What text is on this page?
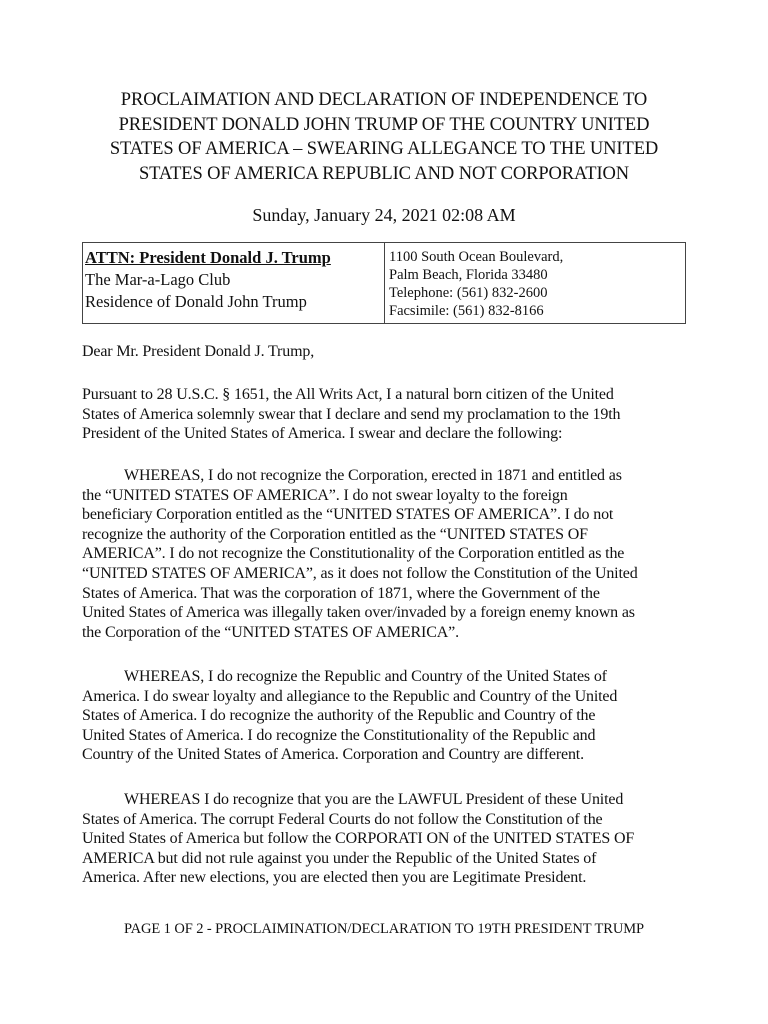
PROCLAIMATION AND DECLARATION OF INDEPENDENCE TO
PRESIDENT DONALD JOHN TRUMP OF THE COUNTRY UNITED
STATES OF AMERICA – SWEARING ALLEGANCE TO THE UNITED
STATES OF AMERICA REPUBLIC AND NOT CORPORATION
Sunday, January 24, 2021 02:08 AM
ATTN: President Donald J. Trump
The Mar-a-Lago Club
Residence of Donald John Trump
1100 South Ocean Boulevard,
Palm Beach, Florida 33480
Telephone: (561) 832-2600
Facsimile: (561) 832-8166
Dear Mr. President Donald J. Trump,
Pursuant to 28 U.S.C. § 1651, the All Writs Act, I a natural born citizen of the United
States of America solemnly swear that I declare and send my proclamation to the 19th
President of the United States of America. I swear and declare the following:
WHEREAS, I do not recognize the Corporation, erected in 1871 and entitled as
the “UNITED STATES OF AMERICA”. I do not swear loyalty to the foreign
beneficiary Corporation entitled as the “UNITED STATES OF AMERICA”. I do not
recognize the authority of the Corporation entitled as the “UNITED STATES OF
AMERICA”. I do not recognize the Constitutionality of the Corporation entitled as the
“UNITED STATES OF AMERICA”, as it does not follow the Constitution of the United
States of America. That was the corporation of 1871, where the Government of the
United States of America was illegally taken over/invaded by a foreign enemy known as
the Corporation of the “UNITED STATES OF AMERICA”.
WHEREAS, I do recognize the Republic and Country of the United States of
America. I do swear loyalty and allegiance to the Republic and Country of the United
States of America. I do recognize the authority of the Republic and Country of the
United States of America. I do recognize the Constitutionality of the Republic and
Country of the United States of America. Corporation and Country are different.
WHEREAS I do recognize that you are the LAWFUL President of these United
States of America. The corrupt Federal Courts do not follow the Constitution of the
United States of America but follow the CORPORATI ON of the UNITED STATES OF
AMERICA but did not rule against you under the Republic of the United States of
America. After new elections, you are elected then you are Legitimate President.
PAGE 1 OF 2 - PROCLAIMINATION/DECLARATION TO 19TH PRESIDENT TRUMP
